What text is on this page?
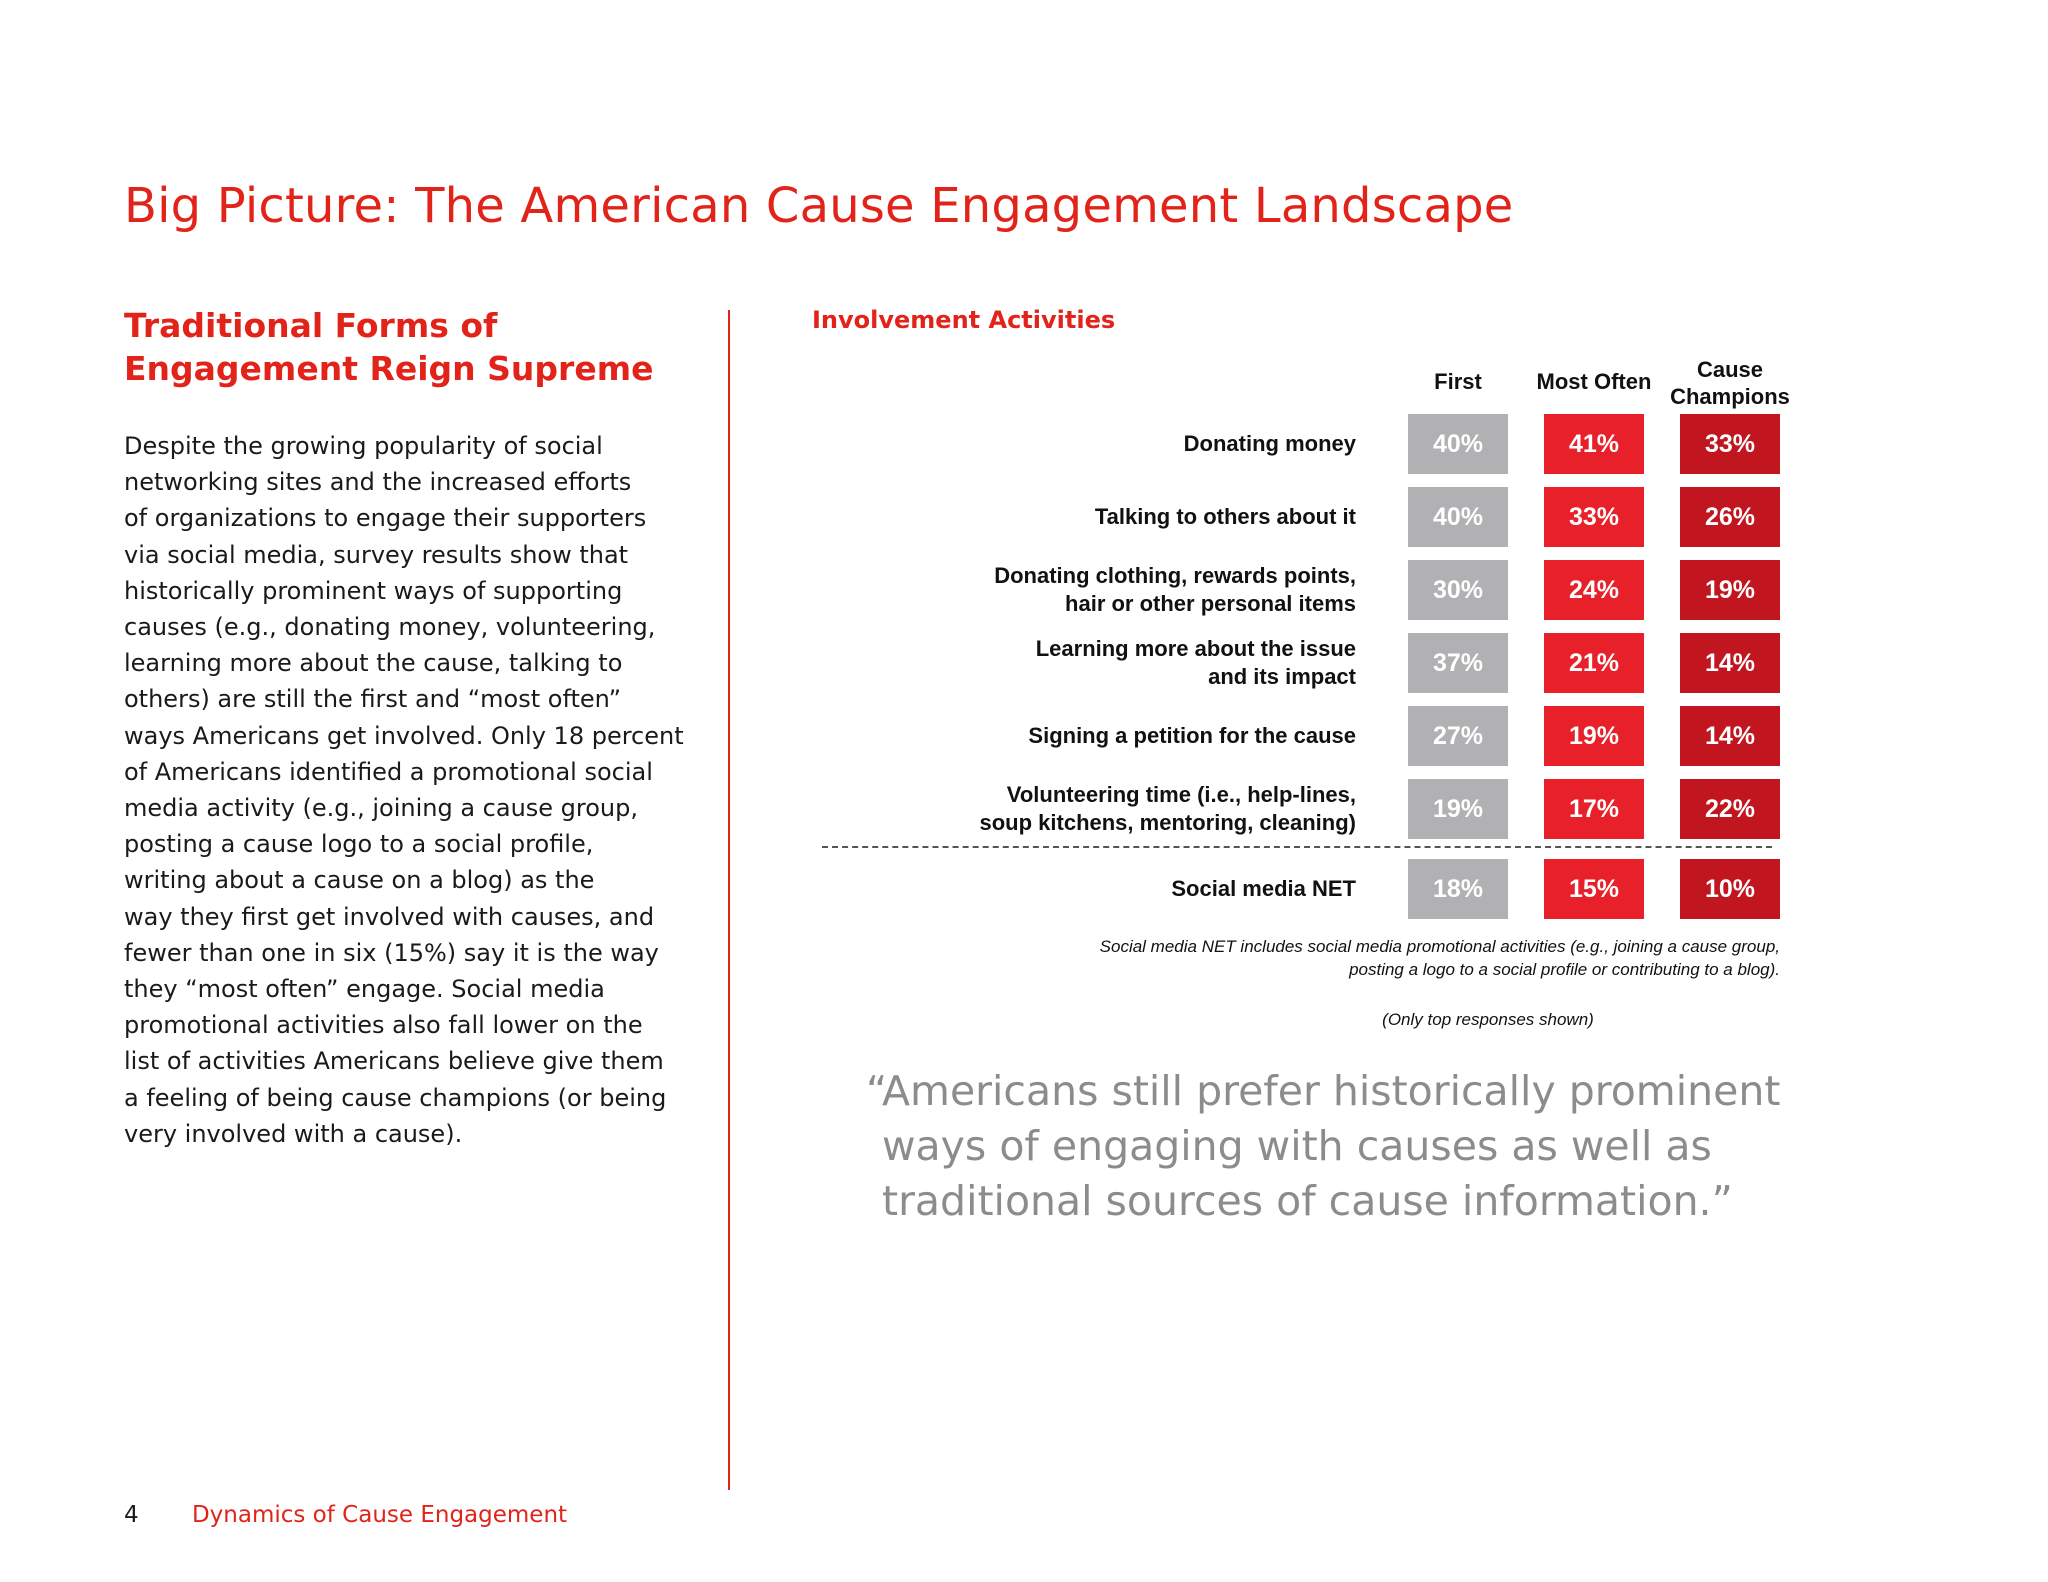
Big Picture: The American Cause Engagement Landscape
Traditional Forms of
Engagement Reign Supreme
Despite the growing popularity of social
networking sites and the increased efforts
of organizations to engage their supporters
via social media, survey results show that
historically prominent ways of supporting
causes (e.g., donating money, volunteering,
learning more about the cause, talking to
others) are still the first and “most often”
ways Americans get involved. Only 18 percent
of Americans identified a promotional social
media activity (e.g., joining a cause group,
posting a cause logo to a social profile,
writing about a cause on a blog) as the
way they first get involved with causes, and
fewer than one in six (15%) say it is the way
they “most often” engage. Social media
promotional activities also fall lower on the
list of activities Americans believe give them
a feeling of being cause champions (or being
very involved with a cause).
Involvement Activities
Social media NET includes social media promotional activities (e.g., joining a cause group,
posting a logo to a social profile or contributing to a blog).
(Only top responses shown)
First	Most Often	Cause
Champions
Donating money	40%	41%	33%
Talking to others about it	40%	33%	26%
Donating clothing, rewards points,
hair or other personal items	30%	24%	19%
Learning more about the issue
and its impact	37%	21%	14%
Signing a petition for the cause	27%	19%	14%
Volunteering time (i.e., help-lines,
soup kitchens, mentoring, cleaning)	19%	17%	22%
Social media NET	18%	15%	10%
“Americans still prefer historically prominent
ways of engaging with causes as well as
traditional sources of cause information.”
4 Dynamics of Cause Engagement
